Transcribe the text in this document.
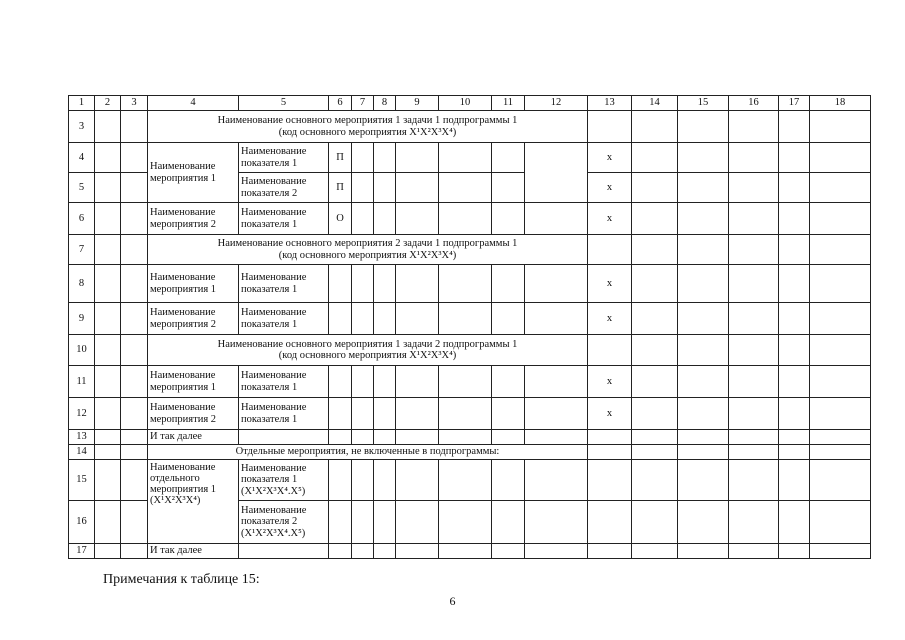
1	2	3	4	5	6	7	8	9	10	11	12	13	14	15	16	17	18
3			Наименование основного мероприятия 1 задачи 1 подпрограммы 1
(код основного мероприятия X¹X²X³X⁴)														

4			Наименование мероприятия 1	Наименование показателя 1	П							х					
5				Наименование показателя 2	П							х					
6			Наименование мероприятия 2	Наименование показателя 1	О							х					
7			Наименование основного мероприятия 2 задачи 1 подпрограммы 1
(код основного мероприятия X¹X²X³X⁴)														

8			Наименование мероприятия 1	Наименование показателя 1								х					
9			Наименование мероприятия 2	Наименование показателя 1								х					
10			Наименование основного мероприятия 1 задачи 2 подпрограммы 1
(код основного мероприятия X¹X²X³X⁴)														

11			Наименование мероприятия 1	Наименование показателя 1								х					
12			Наименование мероприятия 2	Наименование показателя 1								х					
13			И так далее														
14			Отдельные мероприятия, не включенные в подпрограммы:														
15			Наименование отдельного мероприятия 1 (X¹X²X³X⁴)	Наименование показателя 1 (X¹X²X³X⁴.X⁵)													
16				Наименование показателя 2 (X¹X²X³X⁴.X⁵)													
17			И так далее														
Примечания к таблице 15:
6
